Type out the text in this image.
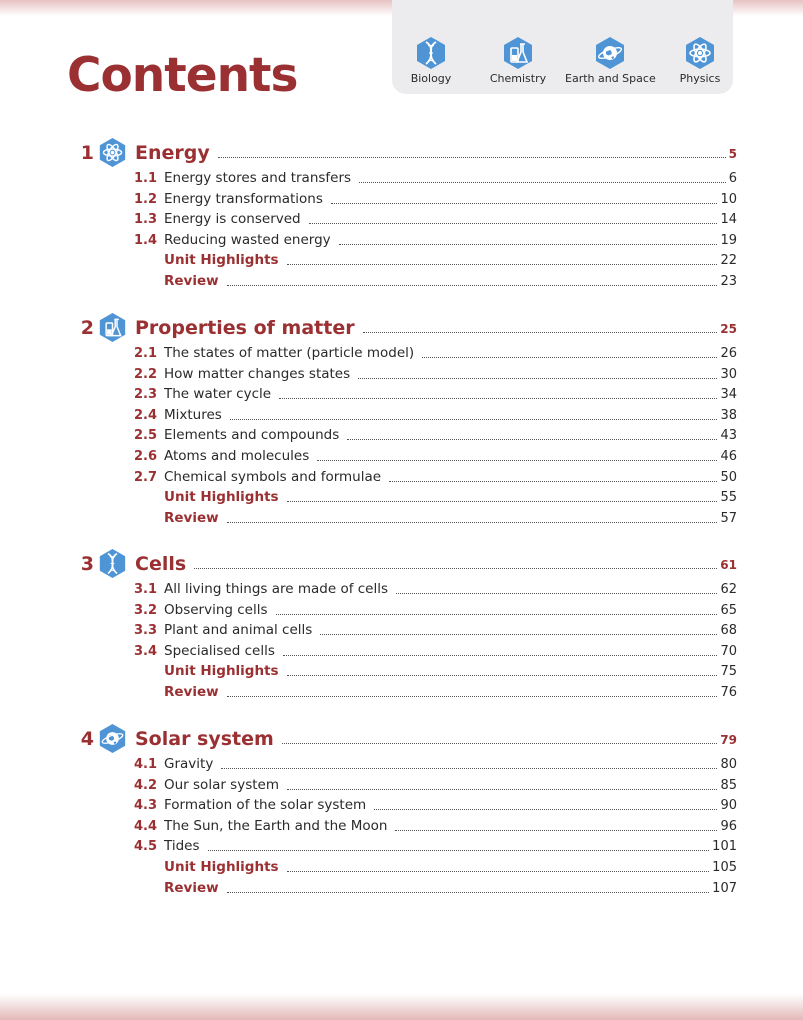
Contents	Biology	Chemistry	Earth and Space	Physics
1 Energy	5
1.1 Energy stores and transfers	6
1.2 Energy transformations	10
1.3 Energy is conserved	14
1.4 Reducing wasted energy	19
Unit Highlights	22
Review	23
2 Properties of matter	25
2.1 The states of matter (particle model)	26
2.2 How matter changes states	30
2.3 The water cycle	34
2.4 Mixtures	38
2.5 Elements and compounds	43
2.6 Atoms and molecules	46
2.7 Chemical symbols and formulae	50
Unit Highlights	55
Review	57
3 Cells	61
3.1 All living things are made of cells	62
3.2 Observing cells	65
3.3 Plant and animal cells	68
3.4 Specialised cells	70
Unit Highlights	75
Review	76
4 Solar system	79
4.1 Gravity	80
4.2 Our solar system	85
4.3 Formation of the solar system	90
4.4 The Sun, the Earth and the Moon	96
4.5 Tides	101
Unit Highlights	105
Review	107
